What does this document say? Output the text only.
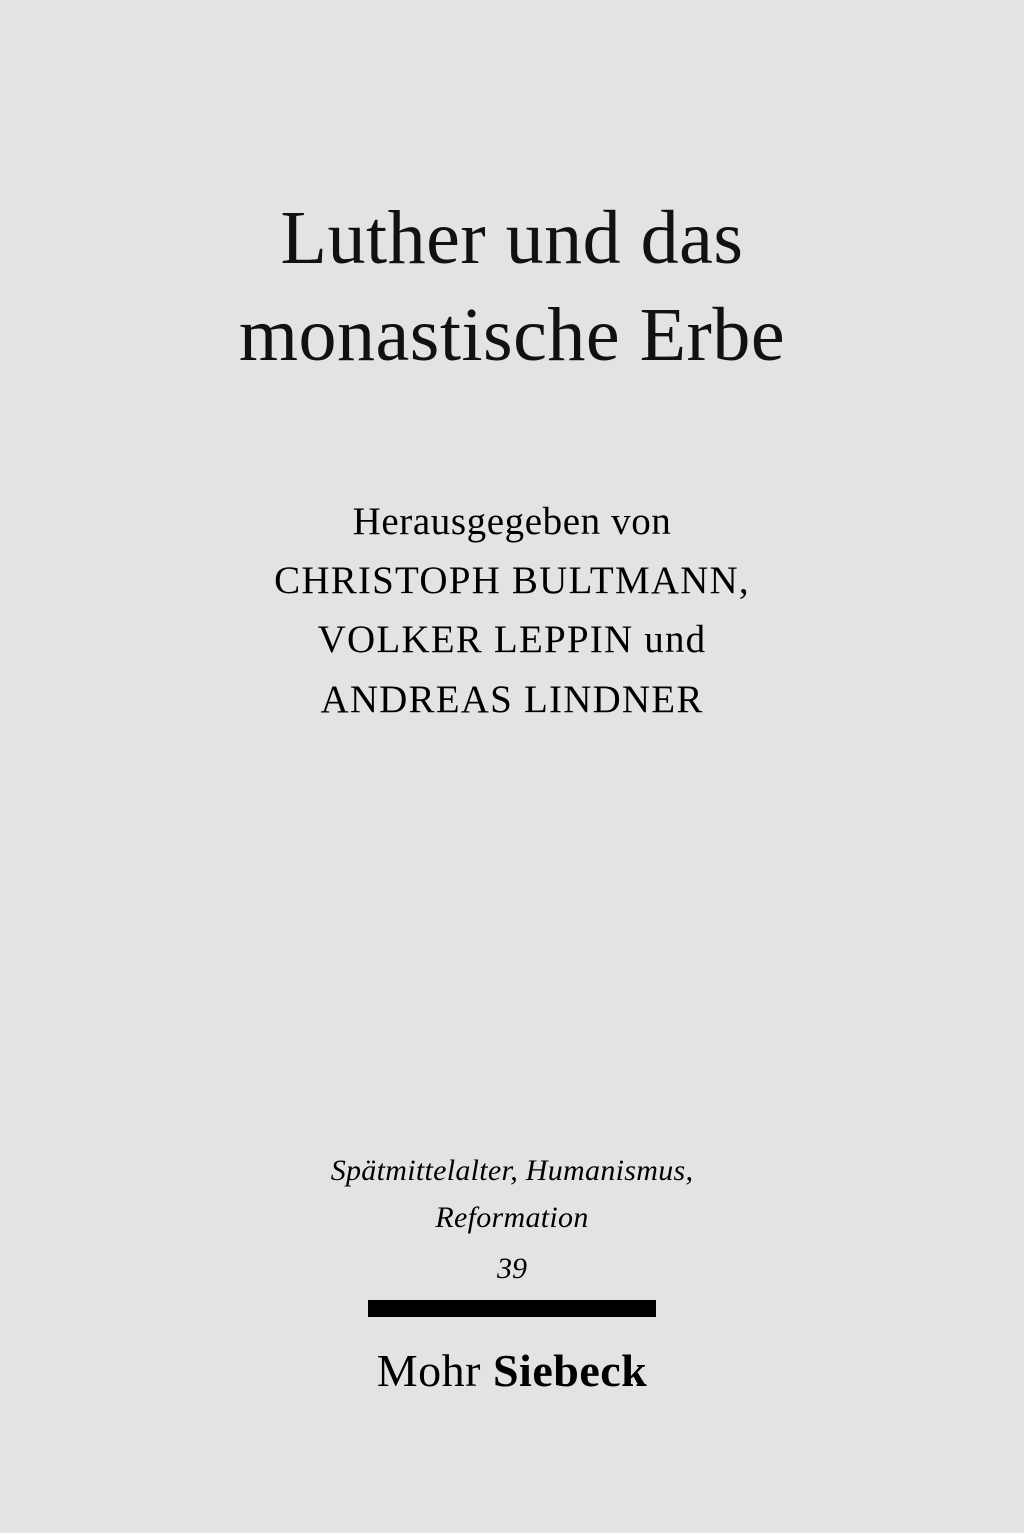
Luther und das
monastische Erbe
Herausgegeben von
CHRISTOPH BULTMANN,
VOLKER LEPPIN und
ANDREAS LINDNER
Spätmittelalter, Humanismus,
Reformation
39
Mohr Siebeck
